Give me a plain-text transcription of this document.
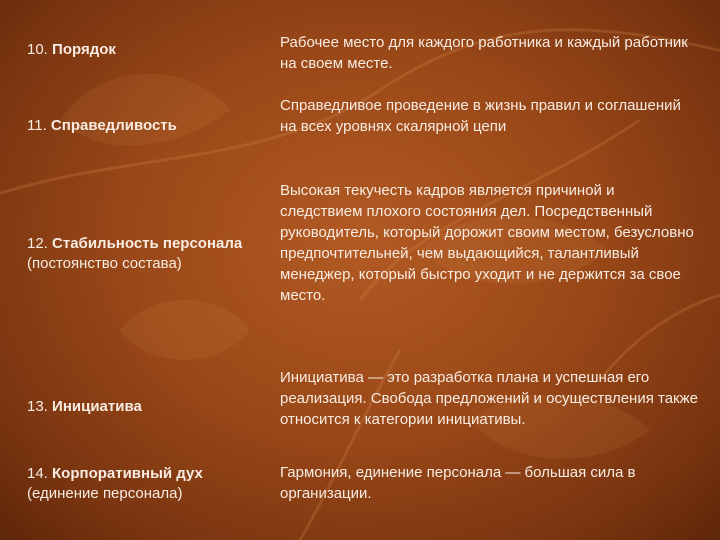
10. Порядок	Рабочее место для каждого работника и каждый работник на своем месте.
11. Справедливость
Справедливое проведение в жизнь правил и соглашений на всех уровнях скалярной цепи
12. Стабильность персонала (постоянство состава)
Высокая текучесть кадров является причиной и следствием плохого состояния дел. Посредственный руководитель, который дорожит своим местом, безусловно предпочтительней, чем выдающийся, талантливый менеджер, который быстро уходит и не держится за свое место.
13. Инициатива
Инициатива — это разработка плана и успешная его реализация. Свобода предложений и осуществления также относится к категории инициативы.
14. Корпоративный дух (единение персонала)
Гармония, единение персонала — большая сила в организации.
